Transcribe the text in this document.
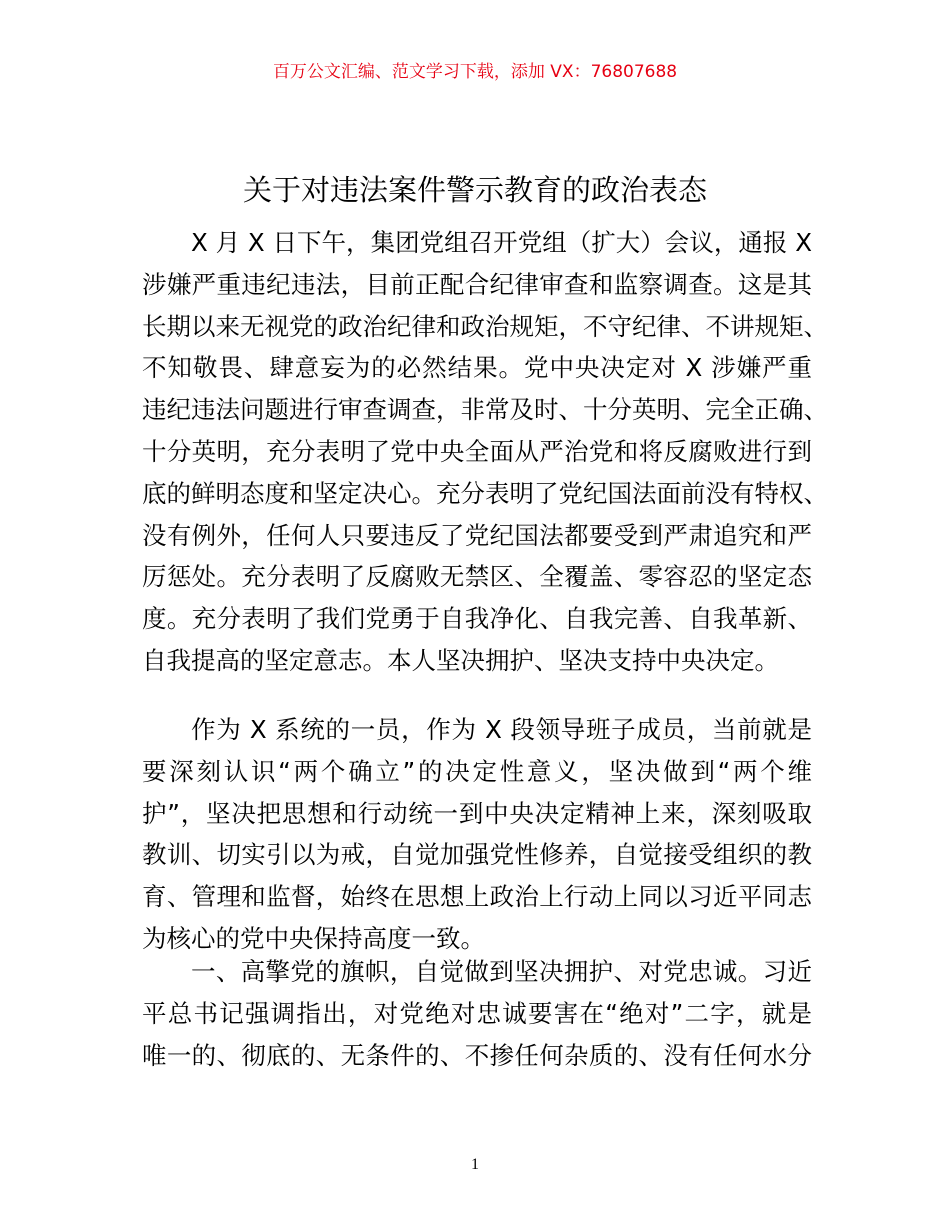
百万公文汇编、范文学习下载，添加 VX：76807688
关于对违法案件警示教育的政治表态
X 月 X 日下午，集团党组召开党组（扩大）会议，通报 X
涉嫌严重违纪违法，目前正配合纪律审查和监察调查。这是其
长期以来无视党的政治纪律和政治规矩，不守纪律、不讲规矩、
不知敬畏、肆意妄为的必然结果。党中央决定对 X 涉嫌严重
违纪违法问题进行审查调查，非常及时、十分英明、完全正确、
十分英明，充分表明了党中央全面从严治党和将反腐败进行到
底的鲜明态度和坚定决心。充分表明了党纪国法面前没有特权、
没有例外，任何人只要违反了党纪国法都要受到严肃追究和严
厉惩处。充分表明了反腐败无禁区、全覆盖、零容忍的坚定态
度。充分表明了我们党勇于自我净化、自我完善、自我革新、
自我提高的坚定意志。本人坚决拥护、坚决支持中央决定。
作为 X 系统的一员，作为 X 段领导班子成员，当前就是
要深刻认识“两个确立”的决定性意义，坚决做到“两个维
护”，坚决把思想和行动统一到中央决定精神上来，深刻吸取
教训、切实引以为戒，自觉加强党性修养，自觉接受组织的教
育、管理和监督，始终在思想上政治上行动上同以习近平同志
为核心的党中央保持高度一致。
一、高擎党的旗帜，自觉做到坚决拥护、对党忠诚。习近
平总书记强调指出，对党绝对忠诚要害在“绝对”二字，就是
唯一的、彻底的、无条件的、不掺任何杂质的、没有任何水分
1
